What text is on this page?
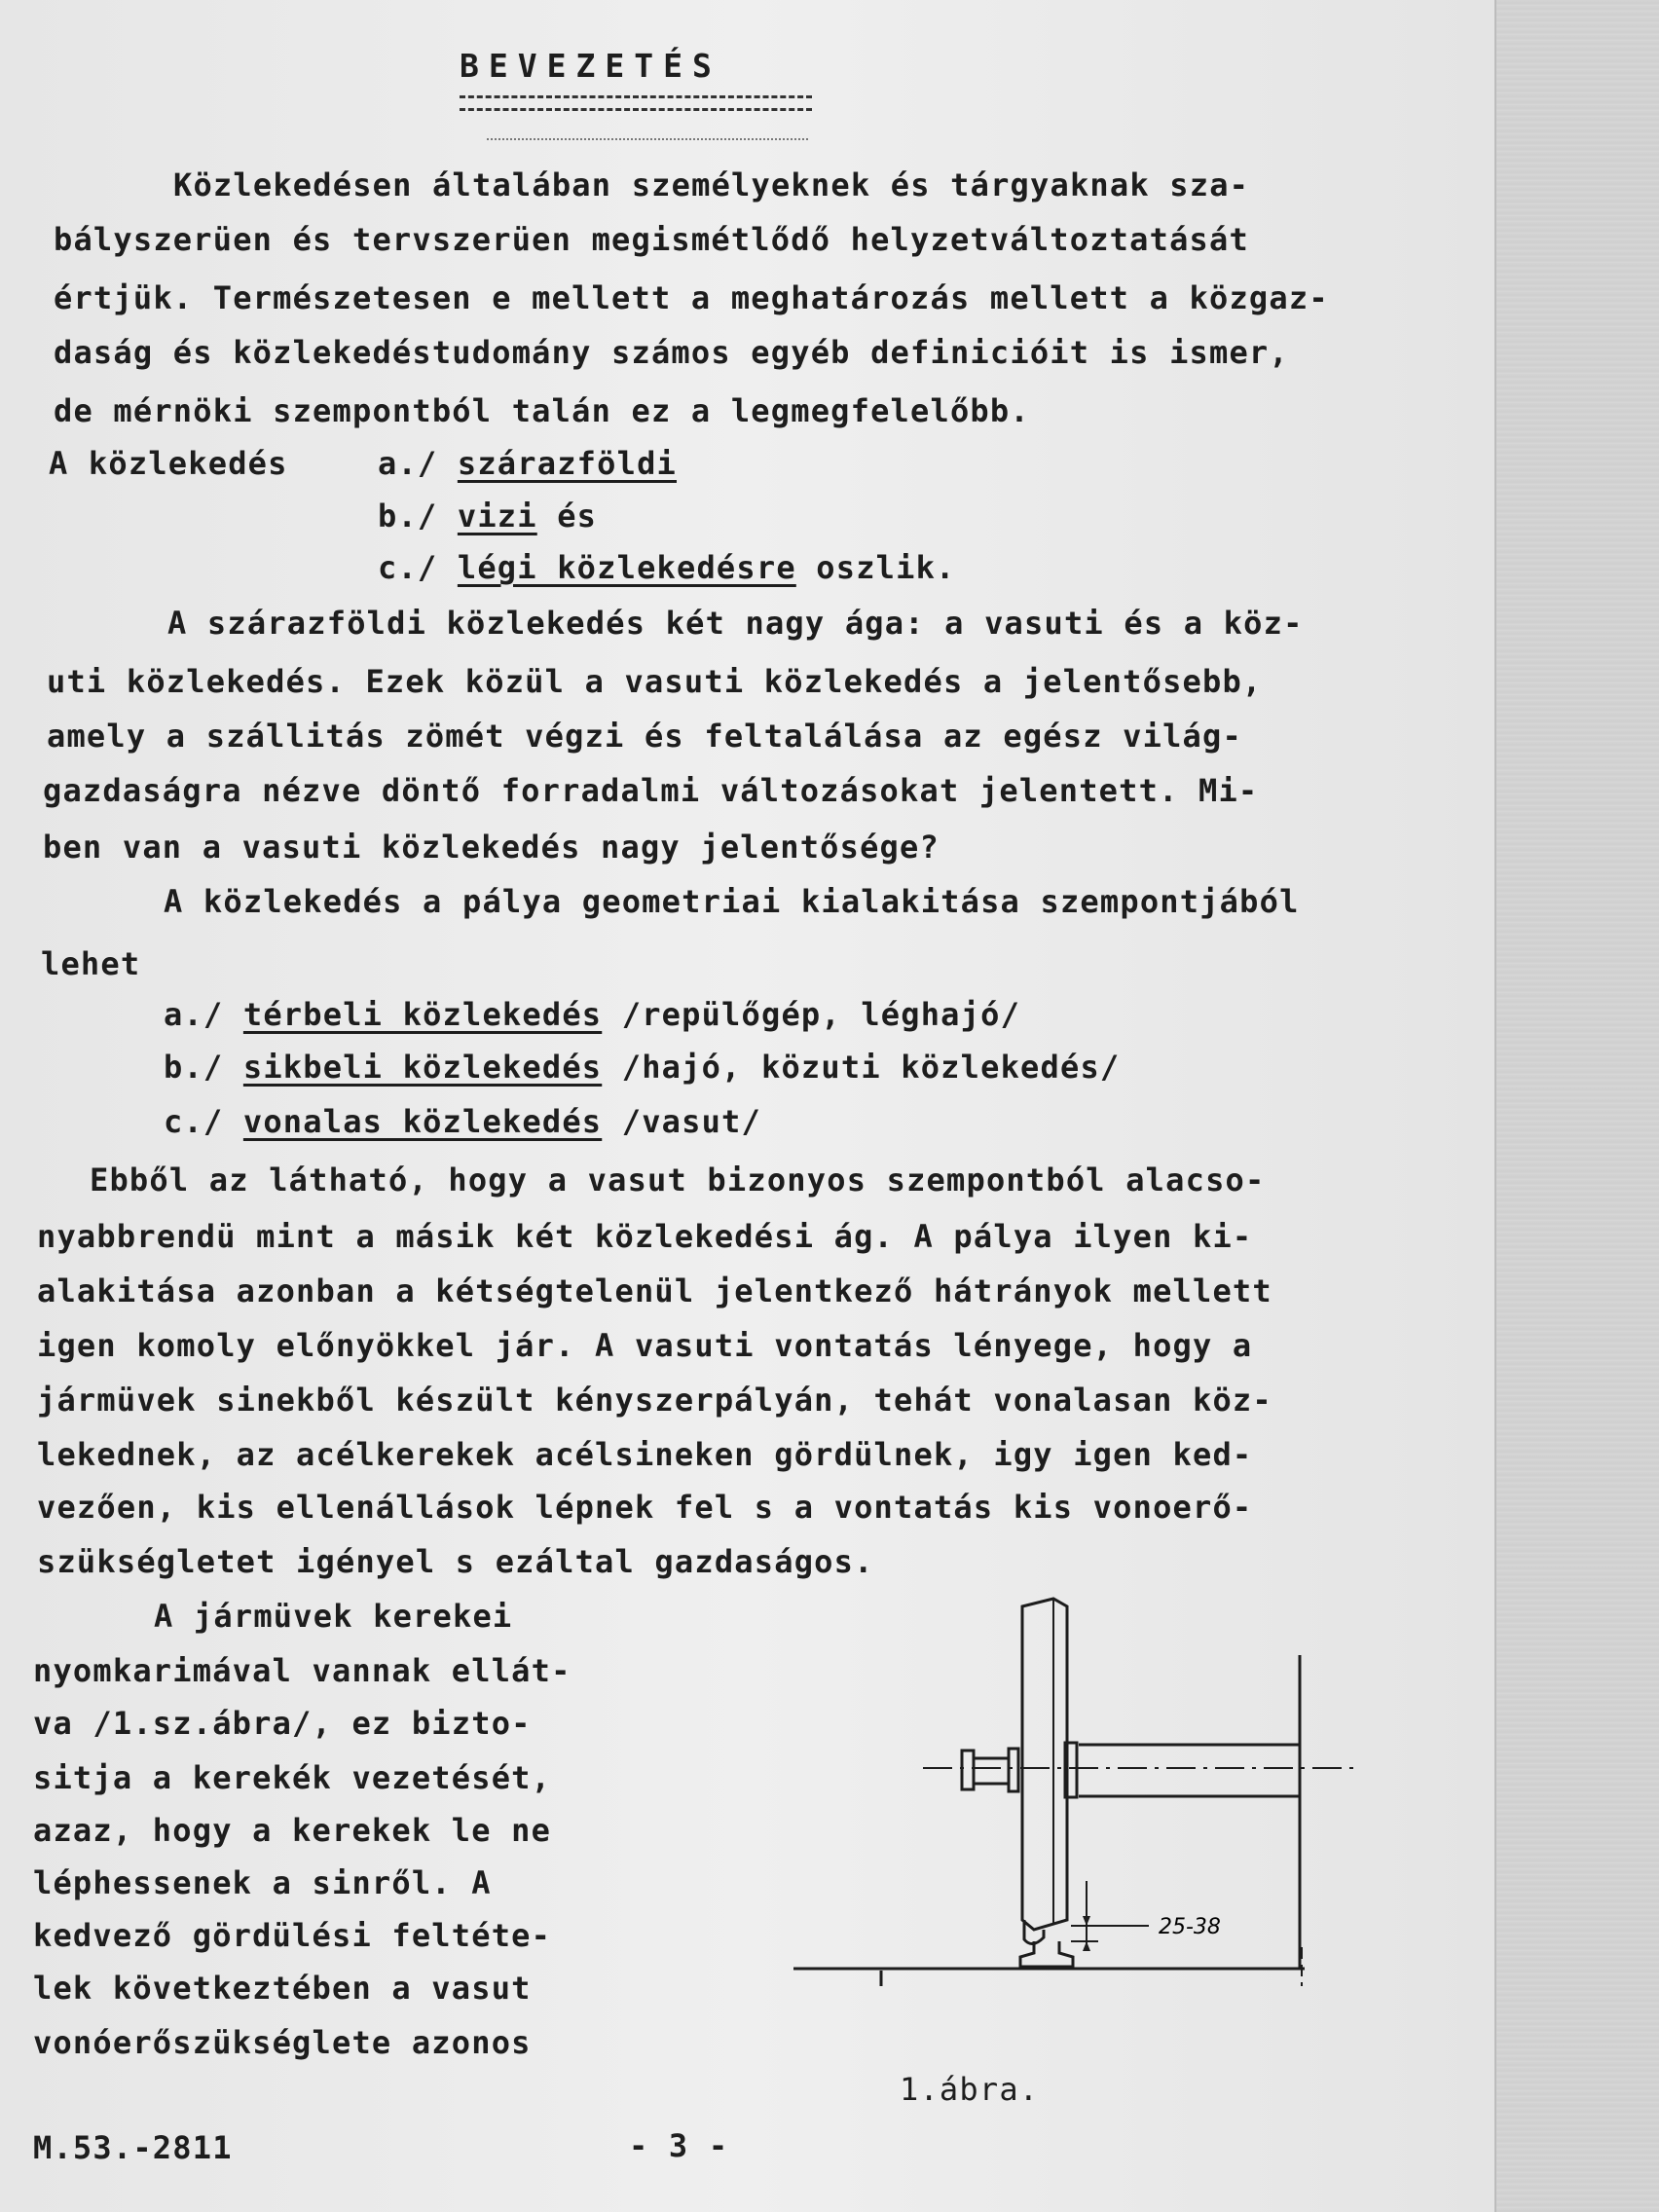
BEVEZETÉS
Közlekedésen általában személyeknek és tárgyaknak sza-
bályszerüen és tervszerüen megismétlődő helyzetváltoztatását
értjük. Természetesen e mellett a meghatározás mellett a közgaz-
daság és közlekedéstudomány számos egyéb definicióit is ismer,
de mérnöki szempontból talán ez a legmegfelelőbb.
A közlekedés	a./ szárazföldi
b./ vizi és
c./ légi közlekedésre oszlik.
A szárazföldi közlekedés két nagy ága: a vasuti és a köz-
uti közlekedés. Ezek közül a vasuti közlekedés a jelentősebb,
amely a szállitás zömét végzi és feltalálása az egész világ-
gazdaságra nézve döntő forradalmi változásokat jelentett. Mi-
ben van a vasuti közlekedés nagy jelentősége?
A közlekedés a pálya geometriai kialakitása szempontjából
lehet
a./ térbeli közlekedés /repülőgép, léghajó/
b./ sikbeli közlekedés /hajó, közuti közlekedés/
c./ vonalas közlekedés /vasut/
Ebből az látható, hogy a vasut bizonyos szempontból alacso-
nyabbrendü mint a másik két közlekedési ág. A pálya ilyen ki-
alakitása azonban a kétségtelenül jelentkező hátrányok mellett
igen komoly előnyökkel jár. A vasuti vontatás lényege, hogy a
jármüvek sinekből készült kényszerpályán, tehát vonalasan köz-
lekednek, az acélkerekek acélsineken gördülnek, igy igen ked-
vezően, kis ellenállások lépnek fel s a vontatás kis vonoerő-
szükségletet igényel s ezáltal gazdaságos.
A jármüvek kerekei
nyomkarimával vannak ellát-
va /1.sz.ábra/, ez bizto-
sitja a kerekék vezetését,
azaz, hogy a kerekek le ne
léphessenek a sinről. A
kedvező gördülési feltéte-
lek következtében a vasut
vonóerőszükséglete azonos
25-38
1.ábra.
M.53.-2811	- 3 -
